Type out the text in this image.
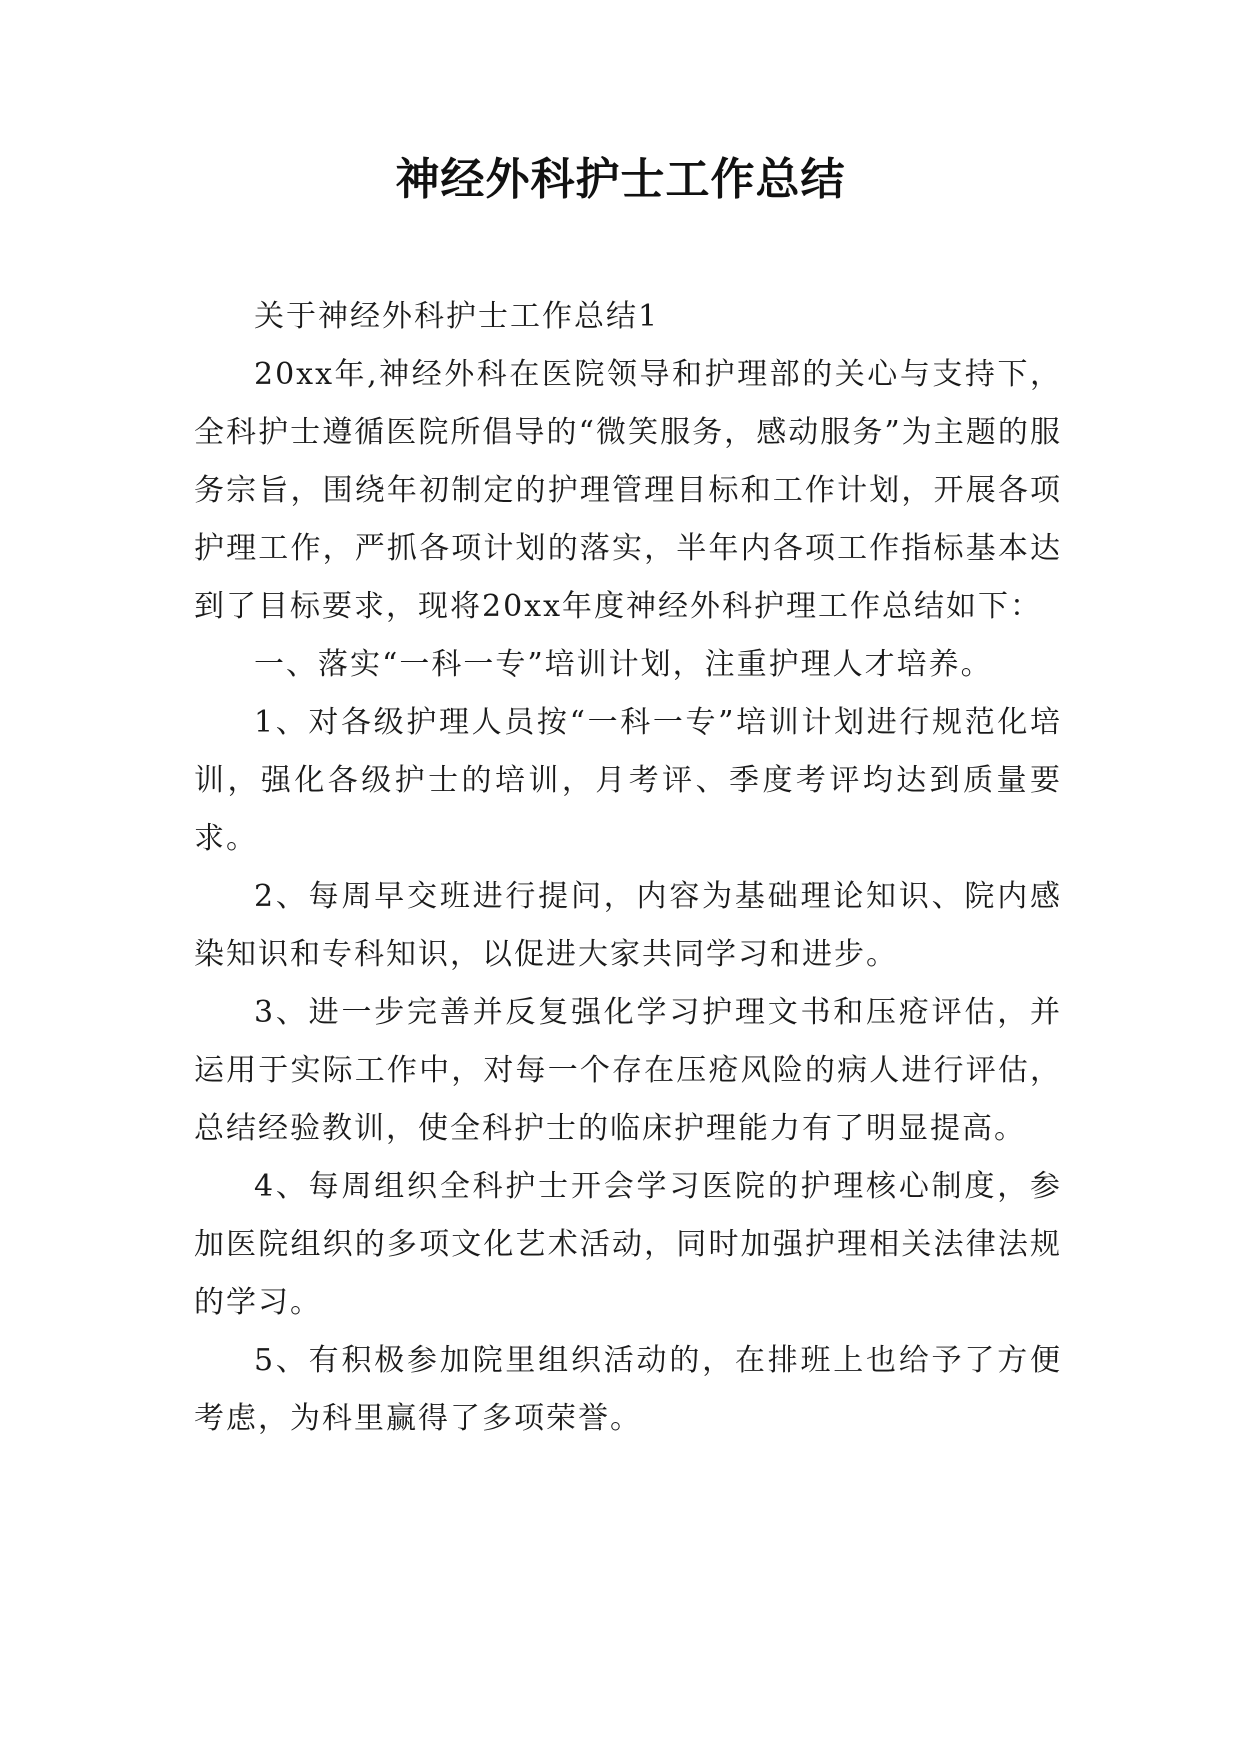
神经外科护士工作总结

关于神经外科护士工作总结1

20xx年,神经外科在医院领导和护理部的关心与支持下，全科护士遵循医院所倡导的“微笑服务，感动服务”为主题的服务宗旨，围绕年初制定的护理管理目标和工作计划，开展各项护理工作，严抓各项计划的落实，半年内各项工作指标基本达到了目标要求，现将20xx年度神经外科护理工作总结如下：

一、落实“一科一专”培训计划，注重护理人才培养。

1、对各级护理人员按“一科一专”培训计划进行规范化培训，强化各级护士的培训，月考评、季度考评均达到质量要求。

2、每周早交班进行提问，内容为基础理论知识、院内感染知识和专科知识，以促进大家共同学习和进步。

3、进一步完善并反复强化学习护理文书和压疮评估，并运用于实际工作中，对每一个存在压疮风险的病人进行评估，总结经验教训，使全科护士的临床护理能力有了明显提高。

4、每周组织全科护士开会学习医院的护理核心制度，参加医院组织的多项文化艺术活动，同时加强护理相关法律法规的学习。

5、有积极参加院里组织活动的，在排班上也给予了方便考虑，为科里赢得了多项荣誉。
